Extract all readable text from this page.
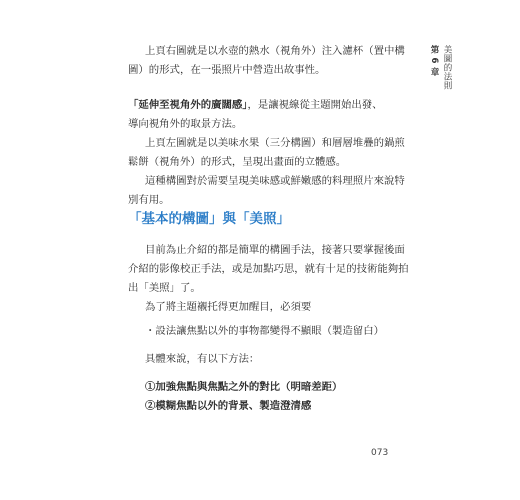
第 6 章 美圖的法則

上頁右圖就是以水壺的熱水（視角外）注入濾杯（置中構

圖）的形式，在一張照片中營造出故事性。

「延伸至視角外的廣闊感」，是讓視線從主題開始出發、

導向視角外的取景方法。

上頁左圖就是以美味水果（三分構圖）和層層堆疊的鍋煎

鬆餅（視角外）的形式，呈現出畫面的立體感。

這種構圖對於需要呈現美味感或鮮嫩感的料理照片來說特

別有用。

「基本的構圖」與「美照」

目前為止介紹的都是簡單的構圖手法，接著只要掌握後面

介紹的影像校正手法，或是加點巧思，就有十足的技術能夠拍

出「美照」了。

為了將主題襯托得更加醒目，必須要

・設法讓焦點以外的事物都變得不顯眼（製造留白）

具體來說，有以下方法：

①加強焦點與焦點之外的對比（明暗差距）

②模糊焦點以外的背景、製造澄清感

073
